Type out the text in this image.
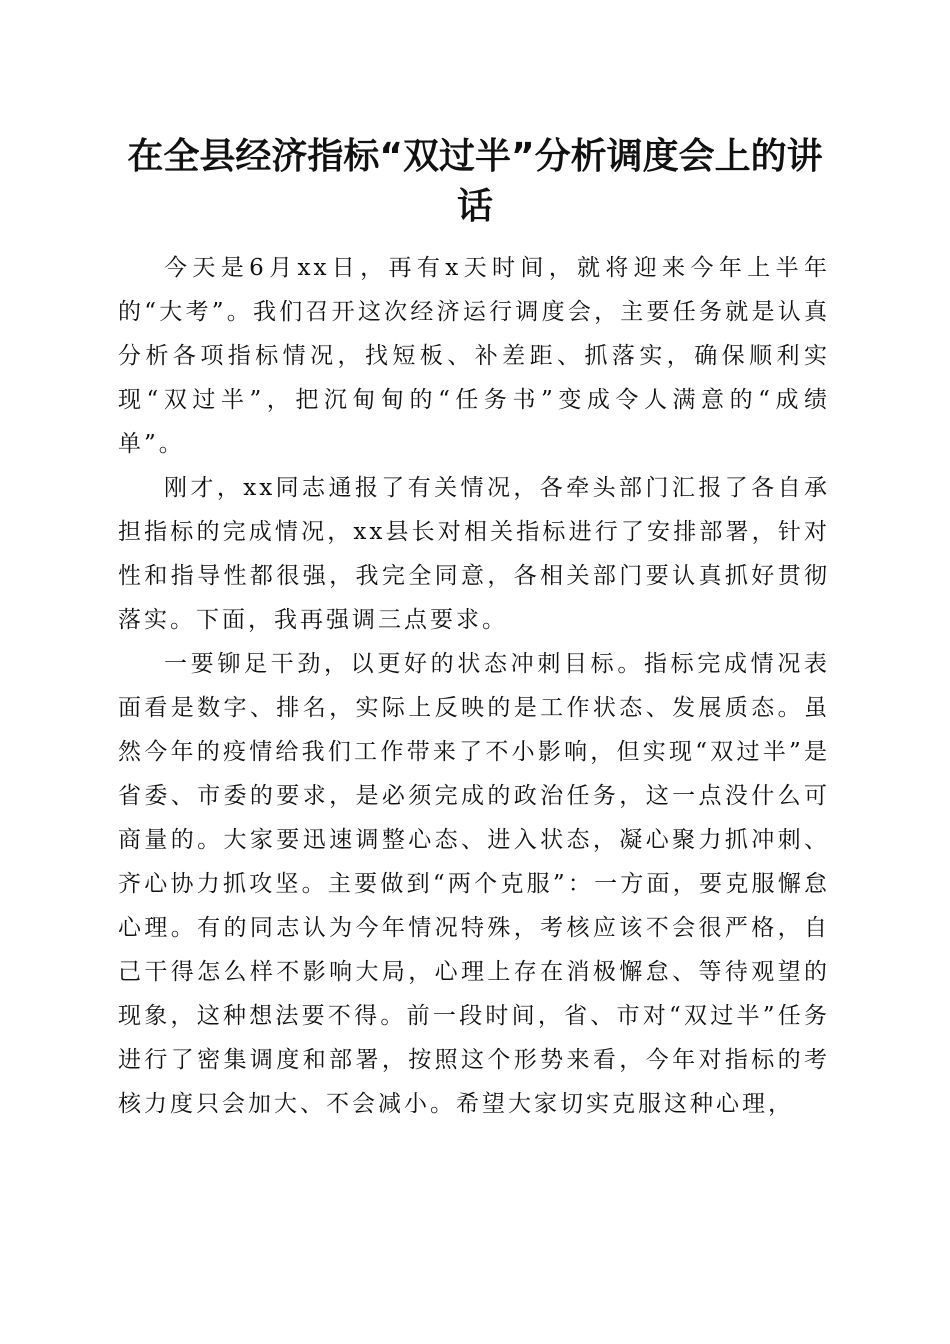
在全县经济指标“双过半”分析调度会上的讲
话

今天是6月xx日，再有x天时间，就将迎来今年上半年的“大考”。我们召开这次经济运行调度会，主要任务就是认真分析各项指标情况，找短板、补差距、抓落实，确保顺利实现“双过半”，把沉甸甸的“任务书”变成令人满意的“成绩单”。

刚才，xx同志通报了有关情况，各牵头部门汇报了各自承担指标的完成情况，xx县长对相关指标进行了安排部署，针对性和指导性都很强，我完全同意，各相关部门要认真抓好贯彻落实。下面，我再强调三点要求。

一要铆足干劲，以更好的状态冲刺目标。指标完成情况表面看是数字、排名，实际上反映的是工作状态、发展质态。虽然今年的疫情给我们工作带来了不小影响，但实现“双过半”是省委、市委的要求，是必须完成的政治任务，这一点没什么可商量的。大家要迅速调整心态、进入状态，凝心聚力抓冲刺、齐心协力抓攻坚。主要做到“两个克服”：一方面，要克服懈怠心理。有的同志认为今年情况特殊，考核应该不会很严格，自己干得怎么样不影响大局，心理上存在消极懈怠、等待观望的现象，这种想法要不得。前一段时间，省、市对“双过半”任务进行了密集调度和部署，按照这个形势来看，今年对指标的考核力度只会加大、不会减小。希望大家切实克服这种心理，
